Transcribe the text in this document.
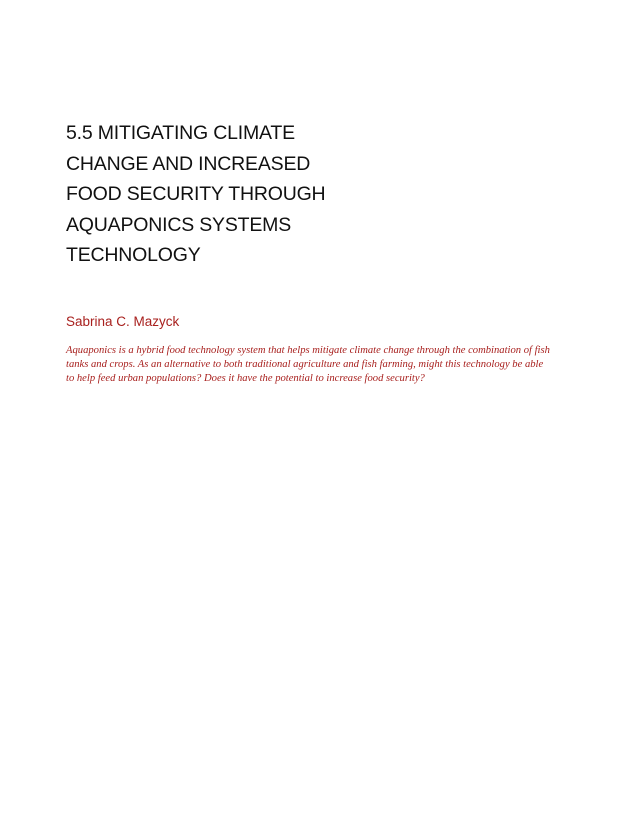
5.5 MITIGATING CLIMATE
CHANGE AND INCREASED
FOOD SECURITY THROUGH
AQUAPONICS SYSTEMS
TECHNOLOGY

Sabrina C. Mazyck

Aquaponics is a hybrid food technology system that helps mitigate climate change through the combination of fish
tanks and crops. As an alternative to both traditional agriculture and fish farming, might this technology be able
to help feed urban populations? Does it have the potential to increase food security?
